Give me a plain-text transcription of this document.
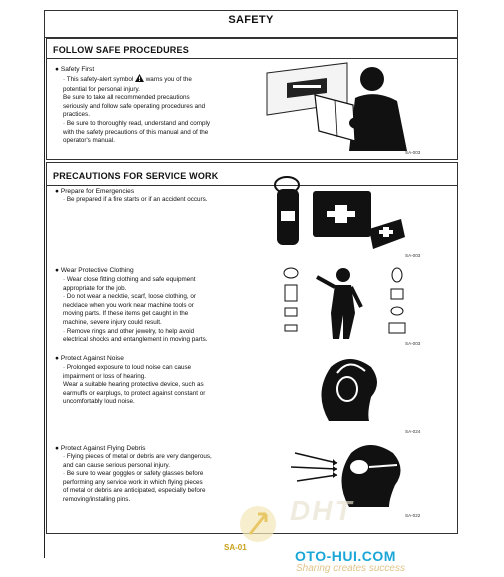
SAFETY
FOLLOW SAFE PROCEDURES
● Safety First
· This safety-alert symbol warns you of the
potential for personal injury.
Be sure to take all recommended precautions
seriously and follow safe operating procedures and
practices.
· Be sure to thoroughly read, understand and comply
with the safety precautions of this manual and of the
operator's manual.
SA-003
PRECAUTIONS FOR SERVICE WORK
● Prepare for Emergencies
· Be prepared if a fire starts or if an accident occurs.
SA-003
● Wear Protective Clothing
· Wear close fitting clothing and safe equipment
appropriate for the job.
· Do not wear a necktie, scarf, loose clothing, or
necklace when you work near machine tools or
moving parts. If these items get caught in the
machine, severe injury could result.
· Remove rings and other jewelry, to help avoid
electrical shocks and entanglement in moving parts.
SA-003
● Protect Against Noise
· Prolonged exposure to loud noise can cause
impairment or loss of hearing.
Wear a suitable hearing protective device, such as
earmuffs or earplugs, to protect against constant or
uncomfortably loud noise.
SA-024
● Protect Against Flying Debris
· Flying pieces of metal or debris are very dangerous,
and can cause serious personal injury.
· Be sure to wear goggles or safety glasses before
performing any service work in which flying pieces
of metal or debris are anticipated, especially before
removing/installing pins.
SA-022
SA-01
DHT
OTO-HUI.COM
Sharing creates success
